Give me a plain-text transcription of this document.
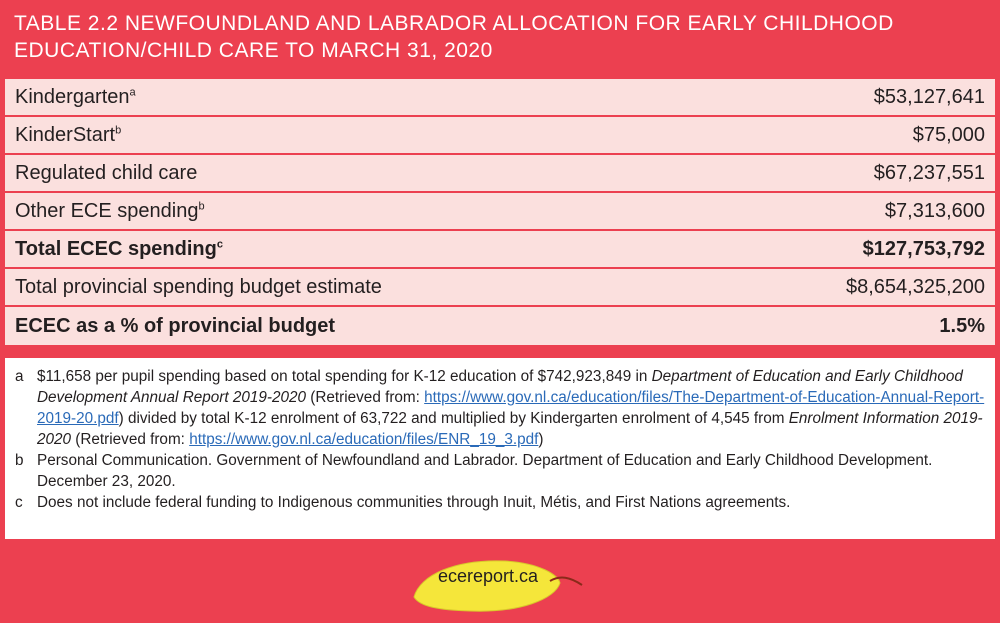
TABLE 2.2 NEWFOUNDLAND AND LABRADOR ALLOCATION FOR EARLY CHILDHOOD
EDUCATION/CHILD CARE TO MARCH 31, 2020
Kindergarten$^a$	$53,127,641
KinderStart$^b$	$75,000
Regulated child care	$67,237,551
Other ECE spending$^b$	$7,313,600
Total ECEC spending$^c$	$127,753,792
Total provincial spending budget estimate	$8,654,325,200
ECEC as a % of provincial budget	1.5%
a $11,658 per pupil spending based on total spending for K-12 education of $742,923,849 in Department of Education and Early Childhood Development Annual Report 2019-2020 (Retrieved from: https://www.gov.nl.ca/education/files/The-Department-of-Education-Annual-Report-2019-20.pdf) divided by total K-12 enrolment of 63,722 and multiplied by Kindergarten enrolment of 4,545 from Enrolment Information 2019-2020 (Retrieved from: https://www.gov.nl.ca/education/files/ENR_19_3.pdf)
b Personal Communication. Government of Newfoundland and Labrador. Department of Education and Early Childhood Development. December 23, 2020.
c Does not include federal funding to Indigenous communities through Inuit, Métis, and First Nations agreements.
ecereport.ca
